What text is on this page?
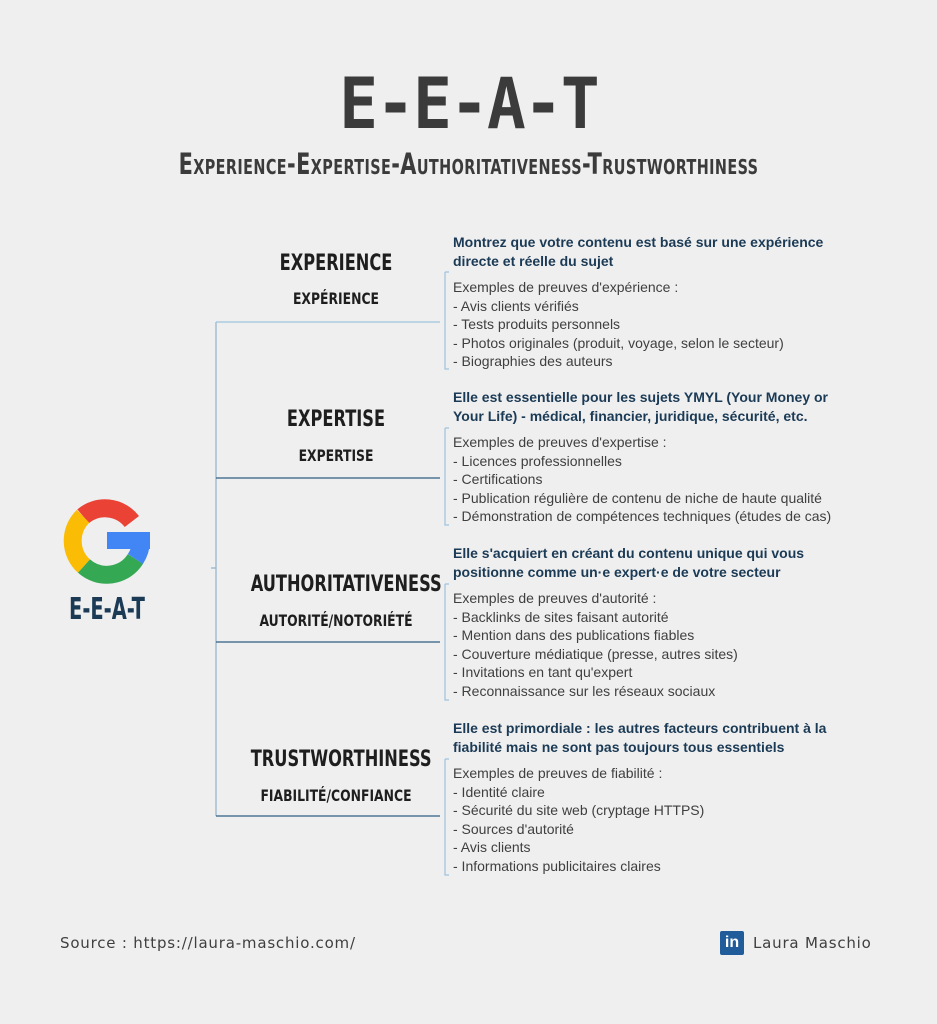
E-E-A-T
Experience-Expertise-Authoritativeness-Trustworthiness
E-E-A-T
EXPERIENCE
EXPÉRIENCE
Montrez que votre contenu est basé sur une expérience
directe et réelle du sujet
Exemples de preuves d'expérience :
- Avis clients vérifiés
- Tests produits personnels
- Photos originales (produit, voyage, selon le secteur)
- Biographies des auteurs
EXPERTISE
EXPERTISE
Elle est essentielle pour les sujets YMYL (Your Money or
Your Life) - médical, financier, juridique, sécurité, etc.
Exemples de preuves d'expertise :
- Licences professionnelles
- Certifications
- Publication régulière de contenu de niche de haute qualité
- Démonstration de compétences techniques (études de cas)
AUTHORITATIVENESS
AUTORITÉ/NOTORIÉTÉ
Elle s'acquiert en créant du contenu unique qui vous
positionne comme un·e expert·e de votre secteur
Exemples de preuves d'autorité :
- Backlinks de sites faisant autorité
- Mention dans des publications fiables
- Couverture médiatique (presse, autres sites)
- Invitations en tant qu'expert
- Reconnaissance sur les réseaux sociaux
TRUSTWORTHINESS
FIABILITÉ/CONFIANCE
Elle est primordiale : les autres facteurs contribuent à la
fiabilité mais ne sont pas toujours tous essentiels
Exemples de preuves de fiabilité :
- Identité claire
- Sécurité du site web (cryptage HTTPS)
- Sources d'autorité
- Avis clients
- Informations publicitaires claires
Source : https://laura-maschio.com/	in Laura Maschio
